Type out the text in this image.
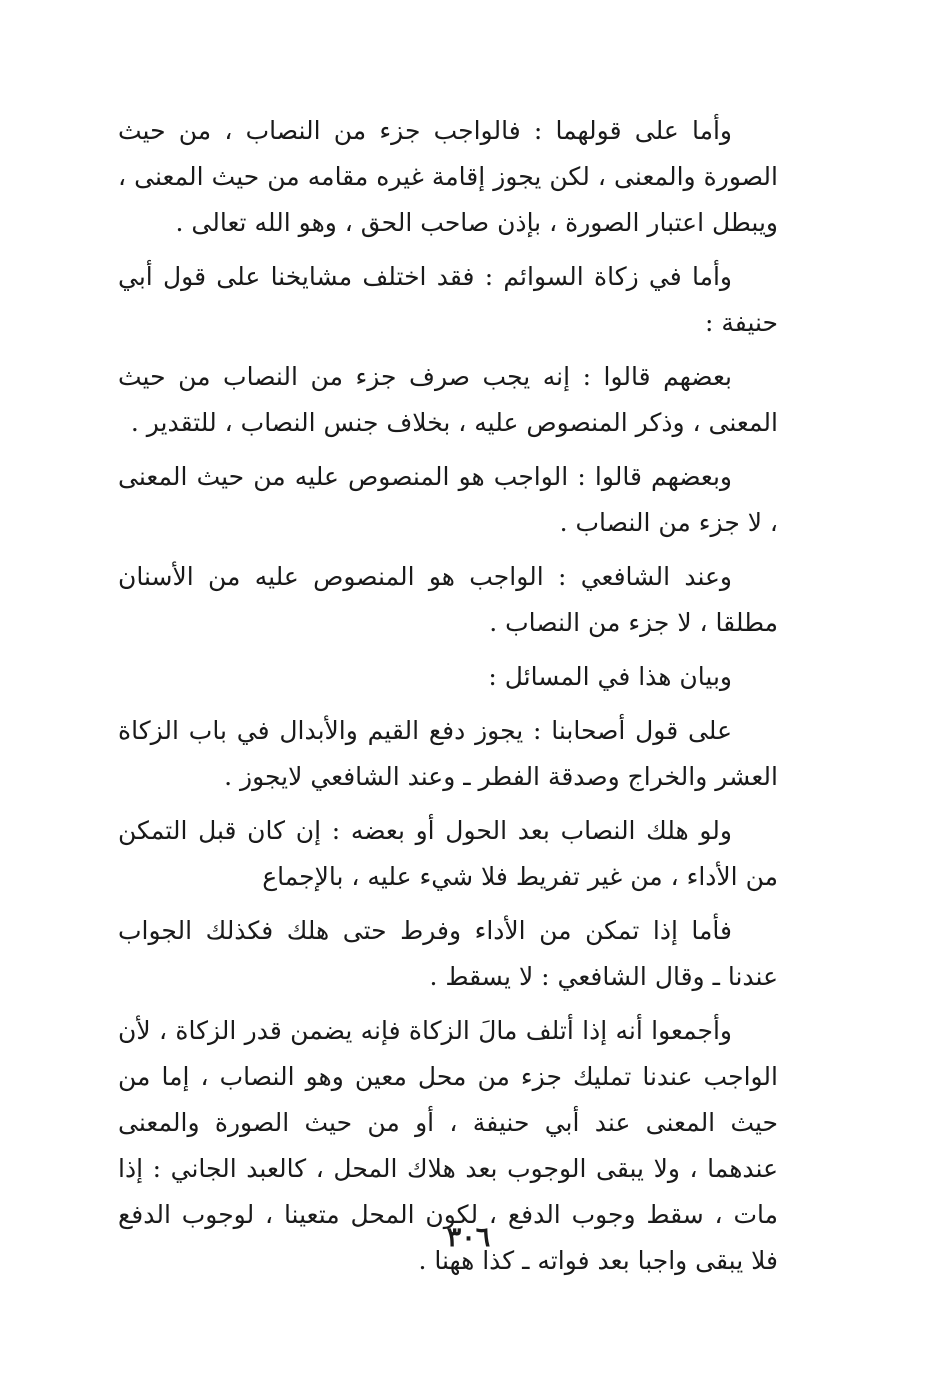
وأما على قولهما : فالواجب جزء من النصاب ، من حيث الصورة والمعنى ، لكن يجوز إقامة غيره مقامه من حيث المعنى ، ويبطل اعتبار الصورة ، بإذن صاحب الحق ، وهو الله تعالى .

وأما في زكاة السوائم : فقد اختلف مشايخنا على قول أبي حنيفة :

بعضهم قالوا : إنه يجب صرف جزء من النصاب من حيث المعنى ، وذكر المنصوص عليه ، بخلاف جنس النصاب ، للتقدير .

وبعضهم قالوا : الواجب هو المنصوص عليه من حيث المعنى ، لا جزء من النصاب .

وعند الشافعي : الواجب هو المنصوص عليه من الأسنان مطلقا ، لا جزء من النصاب .

وبيان هذا في المسائل :

على قول أصحابنا : يجوز دفع القيم والأبدال في باب الزكاة العشر والخراج وصدقة الفطر ـ وعند الشافعي لايجوز .

ولو هلك النصاب بعد الحول أو بعضه : إن كان قبل التمكن من الأداء ، من غير تفريط فلا شيء عليه ، بالإجماع

فأما إذا تمكن من الأداء وفرط حتى هلك فكذلك الجواب عندنا ـ وقال الشافعي : لا يسقط .

وأجمعوا أنه إذا أتلف مالَ الزكاة فإنه يضمن قدر الزكاة ، لأن الواجب عندنا تمليك جزء من محل معين وهو النصاب ، إما من حيث المعنى عند أبي حنيفة ، أو من حيث الصورة والمعنى عندهما ، ولا يبقى الوجوب بعد هلاك المحل ، كالعبد الجاني : إذا مات ، سقط وجوب الدفع ، لكون المحل متعينا ، لوجوب الدفع فلا يبقى واجبا بعد فواته ـ كذا ههنا .

٣٠٦
